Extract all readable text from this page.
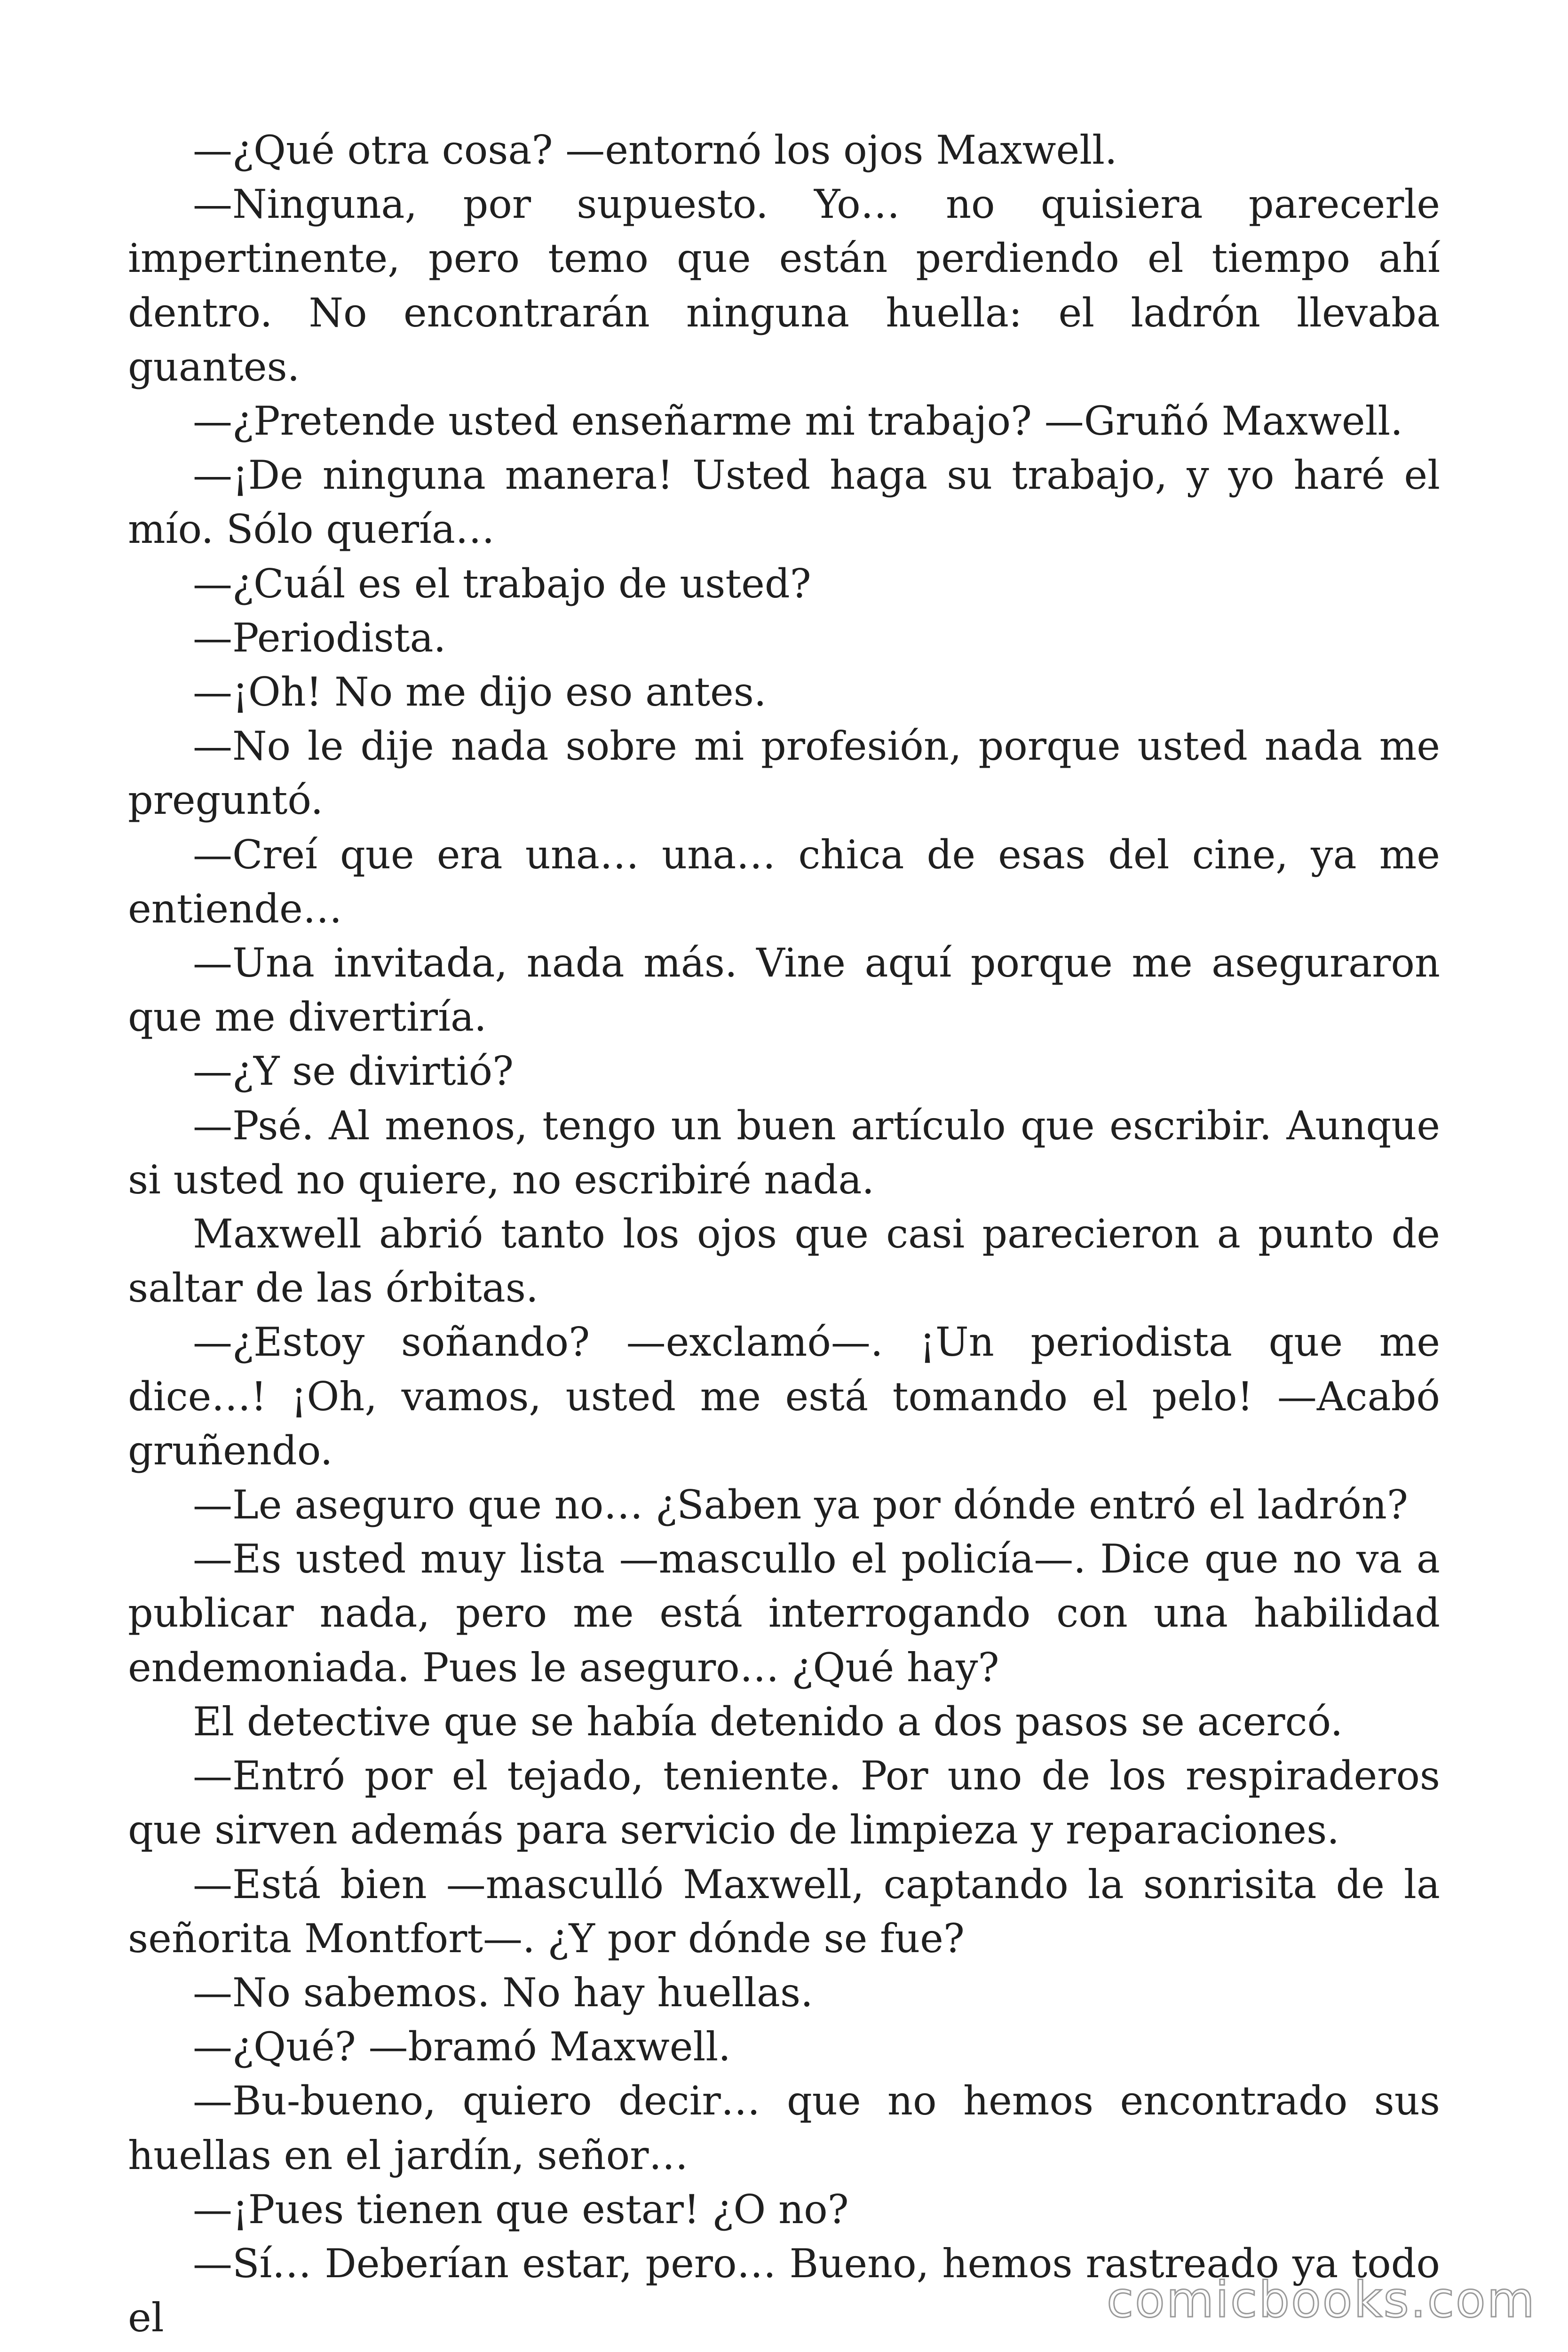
—¿Qué otra cosa? —entornó los ojos Maxwell.

—Ninguna, por supuesto. Yo… no quisiera parecerle impertinente, pero temo que están perdiendo el tiempo ahí dentro. No encontrarán ninguna huella: el ladrón llevaba guantes.

—¿Pretende usted enseñarme mi trabajo? —Gruñó Maxwell.

—¡De ninguna manera! Usted haga su trabajo, y yo haré el mío. Sólo quería…

—¿Cuál es el trabajo de usted?

—Periodista.

—¡Oh! No me dijo eso antes.

—No le dije nada sobre mi profesión, porque usted nada me preguntó.

—Creí que era una… una… chica de esas del cine, ya me entiende…

—Una invitada, nada más. Vine aquí porque me aseguraron que me divertiría.

—¿Y se divirtió?

—Psé. Al menos, tengo un buen artículo que escribir. Aunque si usted no quiere, no escribiré nada.

Maxwell abrió tanto los ojos que casi parecieron a punto de saltar de las órbitas.

—¿Estoy soñando? —exclamó—. ¡Un periodista que me dice…! ¡Oh, vamos, usted me está tomando el pelo! —Acabó gruñendo.

—Le aseguro que no… ¿Saben ya por dónde entró el ladrón?

—Es usted muy lista —mascullo el policía—. Dice que no va a publicar nada, pero me está interrogando con una habilidad endemoniada. Pues le aseguro… ¿Qué hay?

El detective que se había detenido a dos pasos se acercó.

—Entró por el tejado, teniente. Por uno de los respiraderos que sirven además para servicio de limpieza y reparaciones.

—Está bien —masculló Maxwell, captando la sonrisita de la señorita Montfort—. ¿Y por dónde se fue?

—No sabemos. No hay huellas.

—¿Qué? —bramó Maxwell.

—Bu-bueno, quiero decir… que no hemos encontrado sus huellas en el jardín, señor…

—¡Pues tienen que estar! ¿O no?

—Sí… Deberían estar, pero… Bueno, hemos rastreado ya todo el	comicbooks.com
